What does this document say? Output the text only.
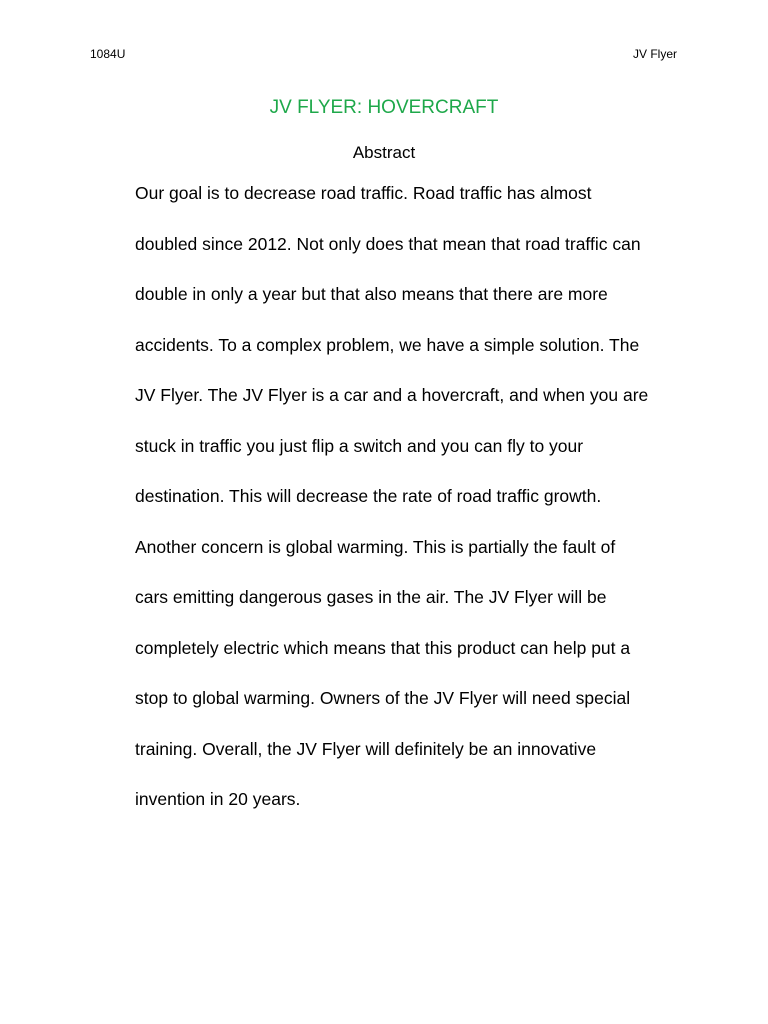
1084U	JV Flyer
JV FLYER: HOVERCRAFT
Abstract
Our goal is to decrease road traffic. Road traffic has almost
doubled since 2012. Not only does that mean that road traffic can
double in only a year but that also means that there are more
accidents. To a complex problem, we have a simple solution. The
JV Flyer. The JV Flyer is a car and a hovercraft, and when you are
stuck in traffic you just flip a switch and you can fly to your
destination. This will decrease the rate of road traffic growth.
Another concern is global warming. This is partially the fault of
cars emitting dangerous gases in the air. The JV Flyer will be
completely electric which means that this product can help put a
stop to global warming. Owners of the JV Flyer will need special
training. Overall, the JV Flyer will definitely be an innovative
invention in 20 years.
